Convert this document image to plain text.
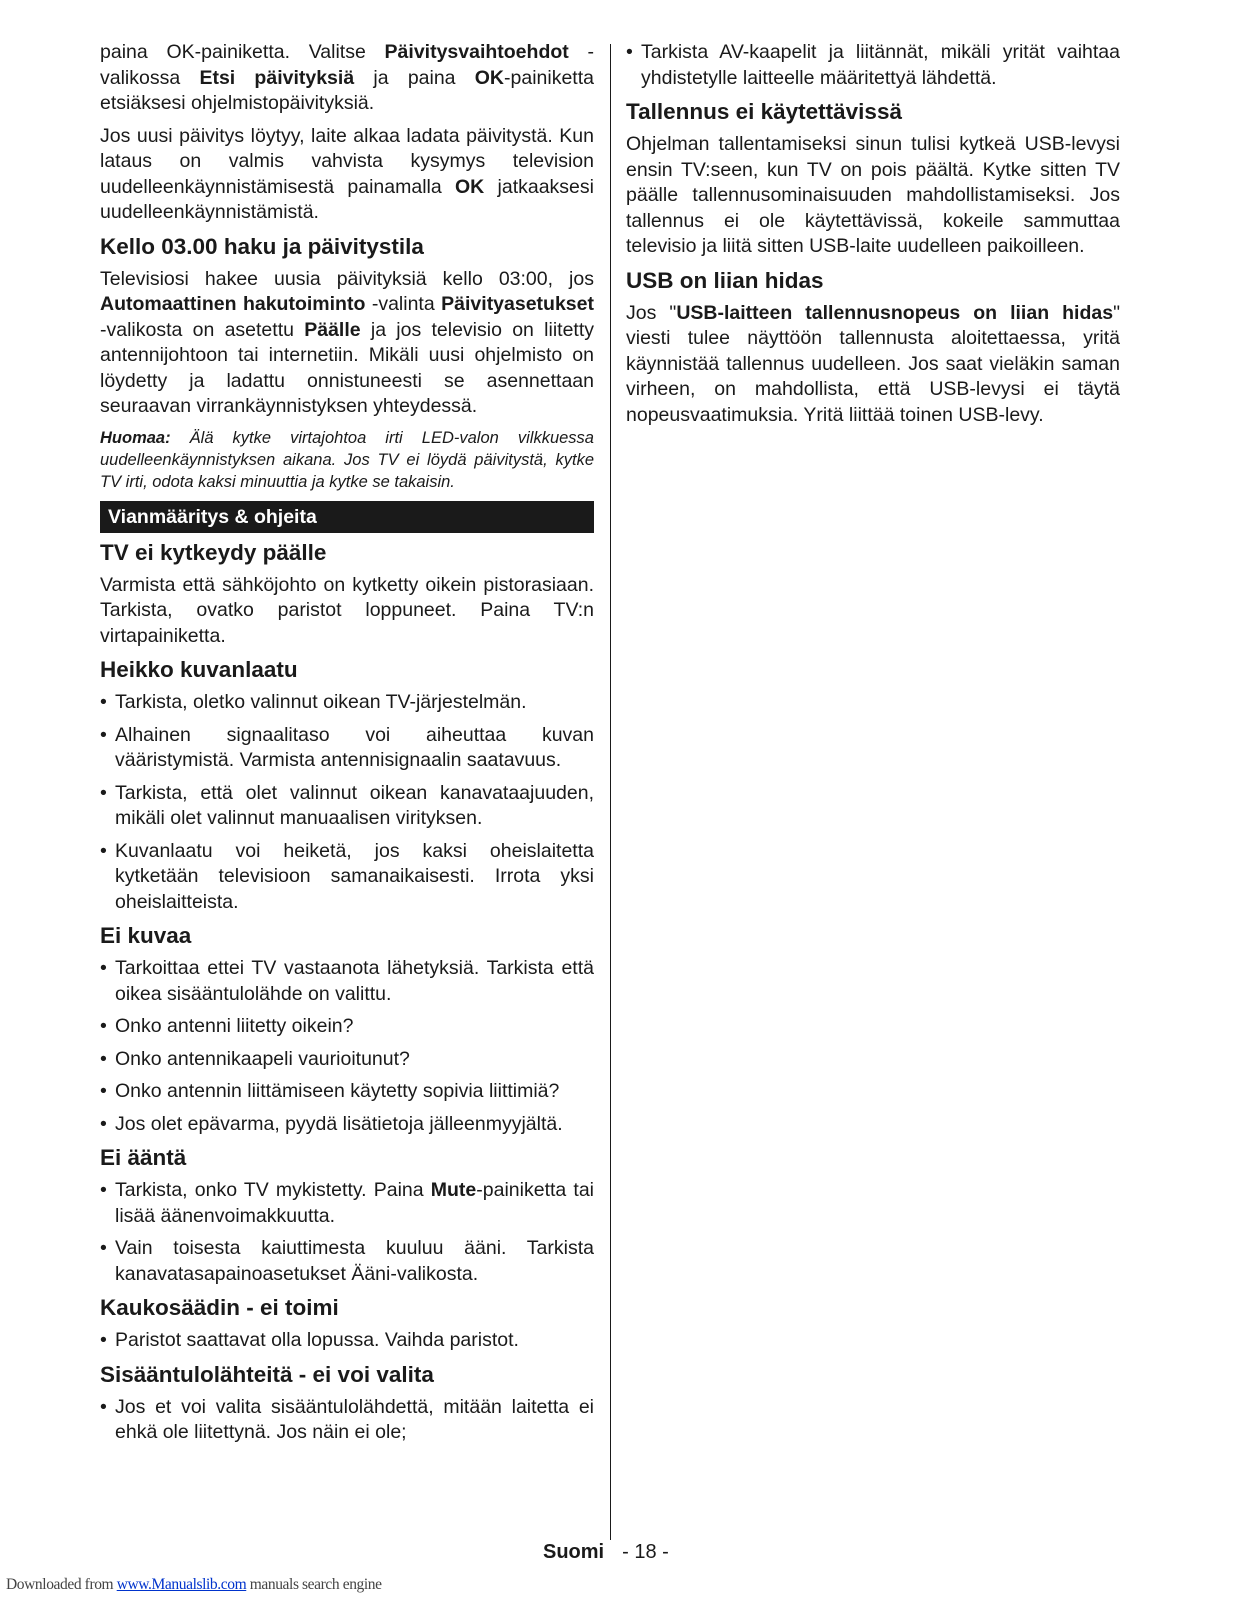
paina OK-painiketta. Valitse Päivitysvaihtoehdot -valikossa Etsi päivityksiä ja paina OK-painiketta etsiäksesi ohjelmistopäivityksiä.

Jos uusi päivitys löytyy, laite alkaa ladata päivitystä. Kun lataus on valmis vahvista kysymys television uudelleenkäynnistämisestä painamalla OK jatkaaksesi uudelleenkäynnistämistä.

Kello 03.00 haku ja päivitystila

Televisiosi hakee uusia päivityksiä kello 03:00, jos Automaattinen hakutoiminto -valinta Päivityasetukset -valikosta on asetettu Päälle ja jos televisio on liitetty antennijohtoon tai internetiin. Mikäli uusi ohjelmisto on löydetty ja ladattu onnistuneesti se asennettaan seuraavan virrankäynnistyksen yhteydessä.

Huomaa: Älä kytke virtajohtoa irti LED-valon vilkkuessa uudelleenkäynnistyksen aikana. Jos TV ei löydä päivitystä, kytke TV irti, odota kaksi minuuttia ja kytke se takaisin.

Vianmääritys & ohjeita
TV ei kytkeydy päälle

Varmista että sähköjohto on kytketty oikein pistorasiaan. Tarkista, ovatko paristot loppuneet. Paina TV:n virtapainiketta.

Heikko kuvanlaatu
• Tarkista, oletko valinnut oikean TV-järjestelmän.
• Alhainen signaalitaso voi aiheuttaa kuvan vääristymistä. Varmista antennisignaalin saatavuus.
• Tarkista, että olet valinnut oikean kanavataajuuden, mikäli olet valinnut manuaalisen virityksen.
• Kuvanlaatu voi heiketä, jos kaksi oheislaitetta kytketään televisioon samanaikaisesti. Irrota yksi oheislaitteista.
Ei kuvaa
• Tarkoittaa ettei TV vastaanota lähetyksiä. Tarkista että oikea sisääntulolähde on valittu.
• Onko antenni liitetty oikein?
• Onko antennikaapeli vaurioitunut?
• Onko antennin liittämiseen käytetty sopivia liittimiä?
• Jos olet epävarma, pyydä lisätietoja jälleenmyyjältä.
Ei ääntä
• Tarkista, onko TV mykistetty. Paina Mute-painiketta tai lisää äänenvoimakkuutta.
• Vain toisesta kaiuttimesta kuuluu ääni. Tarkista kanavatasapainoasetukset Ääni-valikosta.
Kaukosäädin - ei toimi
• Paristot saattavat olla lopussa. Vaihda paristot.
Sisääntulolähteitä - ei voi valita
• Jos et voi valita sisääntulolähdettä, mitään laitetta ei ehkä ole liitettynä. Jos näin ei ole;
• Tarkista AV-kaapelit ja liitännät, mikäli yrität vaihtaa yhdistetylle laitteelle määritettyä lähdettä.
Tallennus ei käytettävissä

Ohjelman tallentamiseksi sinun tulisi kytkeä USB-levysi ensin TV:seen, kun TV on pois päältä. Kytke sitten TV päälle tallennusominaisuuden mahdollistamiseksi. Jos tallennus ei ole käytettävissä, kokeile sammuttaa televisio ja liitä sitten USB-laite uudelleen paikoilleen.

USB on liian hidas

Jos "USB-laitteen tallennusnopeus on liian hidas" viesti tulee näyttöön tallennusta aloitettaessa, yritä käynnistää tallennus uudelleen. Jos saat vieläkin saman virheen, on mahdollista, että USB-levysi ei täytä nopeusvaatimuksia. Yritä liittää toinen USB-levy.

Suomi - 18 -
Downloaded from www.Manualslib.com manuals search engine
